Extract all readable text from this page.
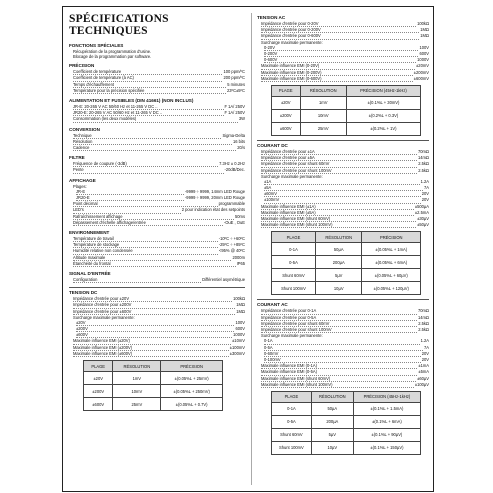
SPÉCIFICATIONS TECHNIQUES
FONCTIONS SPÉCIALES
Récupération de la programmation d'usine.
Blocage de la programmation par software.
PRÉCISION
Coefficient de température	100 ppm/ºC
Coefficient de température (à AC)	200 ppm/ºC
Temps d'échauffement	5 minutes
Température pour la précision spécifiée	23ºC±5ºC
ALIMENTATION ET FUSIBLES (DIN 41661) (NON INCLUS)
JR-E: 20-265 V AC 50/60 Hz et 11-265 V DC ..	F 1A/ 250V
JR20-E: 20-265 V AC 50/60 Hz et 11-265 V DC ..	F 1A/ 250V
Consommation (les deux modèles)	3W
CONVERSION
Technique	Sigma-Delta
Résolution	16 bits
Cadence	20/s
FILTRE
Fréquence de coupure (-3dB)	7.3Hz ± 0.2Hz
Pente	-20dB/Dec.
AFFICHAGE
Plages:
JR-E	-9999 ÷ 9999, 14mm LED Rouge
JR20-E	-9999 ÷ 9999, 20mm LED Rouge
Point décimal	programmable
LED's	2 pour indication état des setpoints
Rafraîchissement affichage	50ms
Dépassement d'échelle affichage/entrée	-OuE , OuE
ENVIRONNEMENT
Température de travail	-10ºC ÷ +60ºC
Température de stockage	-25ºC ÷ +85ºC
Humidité relative non condensée	<95% @ 40ºC
Altitude maximale	2000m
Étanchéité du frontal	IP65
SIGNAL D'ENTRÉE
Configuration	Différentiel asymétrique
TENSION DC
Impédance d'entrée pour ±20V	100kΩ
Impédance d'entrée pour ±200V	1MΩ
Impédance d'entrée pour ±600V	1MΩ
Surcharge maximale permanente:
±20V	100V
±200V	600V
±600V	1000V
Maximale influence EMI (±20V)	±10mV
Maximale influence EMI (±200V)	±100mV
Maximale influence EMI (±600V)	±300mV
PLAGE	RÉSOLUTION	PRÉCISION
±20V	1mV	±(0.05%L + 25mV)
±200V	10mV	±(0.05%L + 250mV)
±600V	25mV	±(0.05%L + 0.7V)
TENSION AC
Impédance d'entrée pour 0-20V	100kΩ
Impédance d'entrée pour 0-200V	1MΩ
Impédance d'entrée pour 0-600V	1MΩ
Surcharge maximale permanente:
0-20V	100V
0-200V	600V
0-600V	1000V
Maximale influence EMI (0-20V)	±20mV
Maximale influence EMI (0-200V)	±200mV
Maximale influence EMI (0-600V)	±600mV
PLAGE	RÉSOLUTION	PRÉCISION (45Hz-1kHz)
±20V	1mV	±(0.1%L + 30mV)
±200V	10mV	±(0.2%L + 0.3V)
±600V	25mV	±(0.2%L + 1V)
COURANT DC
Impédance d'entrée pour ±1A	70mΩ
Impédance d'entrée pour ±5A	14mΩ
Impédance d'entrée pour shunt 60mV	2.5kΩ
Impédance d'entrée pour shunt 100mV	2.5kΩ
Surcharge maximale permanente:
±1A	1.2A
±5A	7A
±60mV	20V
±100mV	20V
Maximale influence EMI (±1A)	±500µA
Maximale influence EMI (±5A)	±2.5mA
Maximale influence EMI (shunt 60mV)	±30µV
Maximale influence EMI (shunt 100mV)	±50µV
PLAGE	RÉSOLUTION	PRÉCISION
0-1A	50µA	±(0.05%L + 1mA)
0-5A	200µA	±(0.05%L + 6mA)
Shunt 60mV	5µV	±(0.05%L + 60µV)
Shunt 100mV	10µV	±(0.05%L + 120µV)
COURANT AC
Impédance d'entrée pour 0-1A	70mΩ
Impédance d'entrée pour 0-5A	14mΩ
Impédance d'entrée pour shunt 60mV	2.5kΩ
Impédance d'entrée pour shunt 100mV	2.5kΩ
Surcharge maximale permanente:
0-1A	1.2A
0-5A	7A
0-60mV	20V
0-100mV	20V
Maximale influence EMI (0-1A)	±1mA
Maximale influence EMI (0-5A)	±5mA
Maximale influence EMI (shunt 60mV)	±60µV
Maximale influence EMI (shunt 100mV)	±100µV
PLAGE	RÉSOLUTION	PRÉCISION (45Hz-1kHz)
0-1A	50µA	±(0.1%L + 1.5mA)
0-5A	200µA	±(0.1%L + 6mA)
Shunt 60mV	5µV	±(0.1%L + 90µV)
Shunt 100mV	10µV	±(0.1%L + 150µV)
